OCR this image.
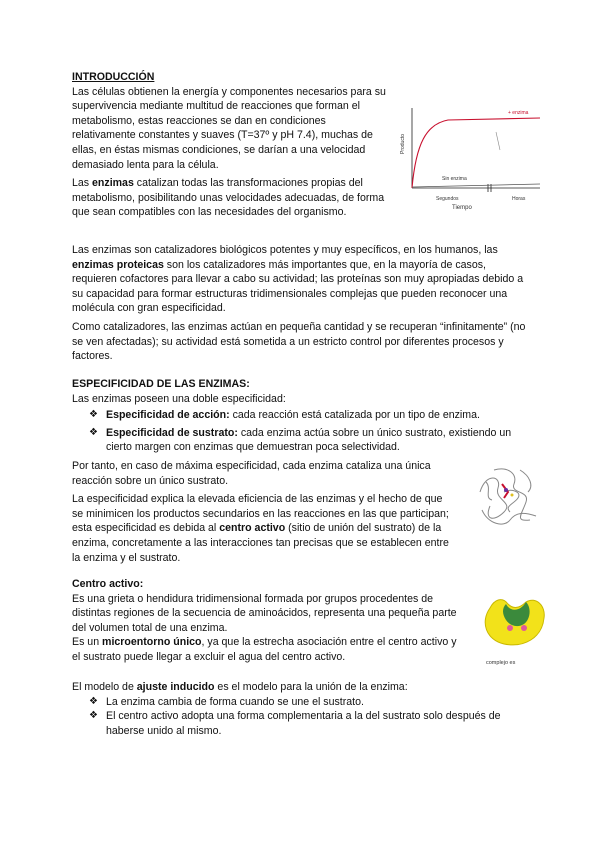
INTRODUCCIÓN

Las células obtienen la energía y componentes necesarios para su supervivencia mediante multitud de reacciones que forman el metabolismo, estas reacciones se dan en condiciones relativamente constantes y suaves (T=37º y pH 7.4), muchas de ellas, en éstas mismas condiciones, se darían a una velocidad demasiado lenta para la célula.

Las enzimas catalizan todas las transformaciones propias del metabolismo, posibilitando unas velocidades adecuadas, de forma que sean compatibles con las necesidades del organismo.

Producto
+ enzima
Sin enzima
Segundos	Horas
Tiempo

Las enzimas son catalizadores biológicos potentes y muy específicos, en los humanos, las enzimas proteicas son los catalizadores más importantes que, en la mayoría de casos, requieren cofactores para llevar a cabo su actividad; las proteínas son muy apropiadas debido a su capacidad para formar estructuras tridimensionales complejas que pueden reconocer una molécula con gran especificidad.

Como catalizadores, las enzimas actúan en pequeña cantidad y se recuperan “infinitamente” (no se ven afectadas); su actividad está sometida a un estricto control por diferentes procesos y factores.

ESPECIFICIDAD DE LAS ENZIMAS:

Las enzimas poseen una doble especificidad:

❖ Especificidad de acción: cada reacción está catalizada por un tipo de enzima.
❖ Especificidad de sustrato: cada enzima actúa sobre un único sustrato, existiendo un cierto margen con enzimas que demuestran poca selectividad.

Por tanto, en caso de máxima especificidad, cada enzima cataliza una única reacción sobre un único sustrato.

La especificidad explica la elevada eficiencia de las enzimas y el hecho de que se minimicen los productos secundarios en las reacciones en las que participan; esta especificidad es debida al centro activo (sitio de unión del sustrato) de la enzima, concretamente a las interacciones tan precisas que se establecen entre la enzima y el sustrato.

Centro activo:

Es una grieta o hendidura tridimensional formada por grupos procedentes de distintas regiones de la secuencia de aminoácidos, representa una pequeña parte del volumen total de una enzima.

Es un microentorno único, ya que la estrecha asociación entre el centro activo y el sustrato puede llegar a excluir el agua del centro activo.

complejo es

El modelo de ajuste inducido es el modelo para la unión de la enzima:

❖ La enzima cambia de forma cuando se une el sustrato.
❖ El centro activo adopta una forma complementaria a la del sustrato solo después de haberse unido al mismo.
